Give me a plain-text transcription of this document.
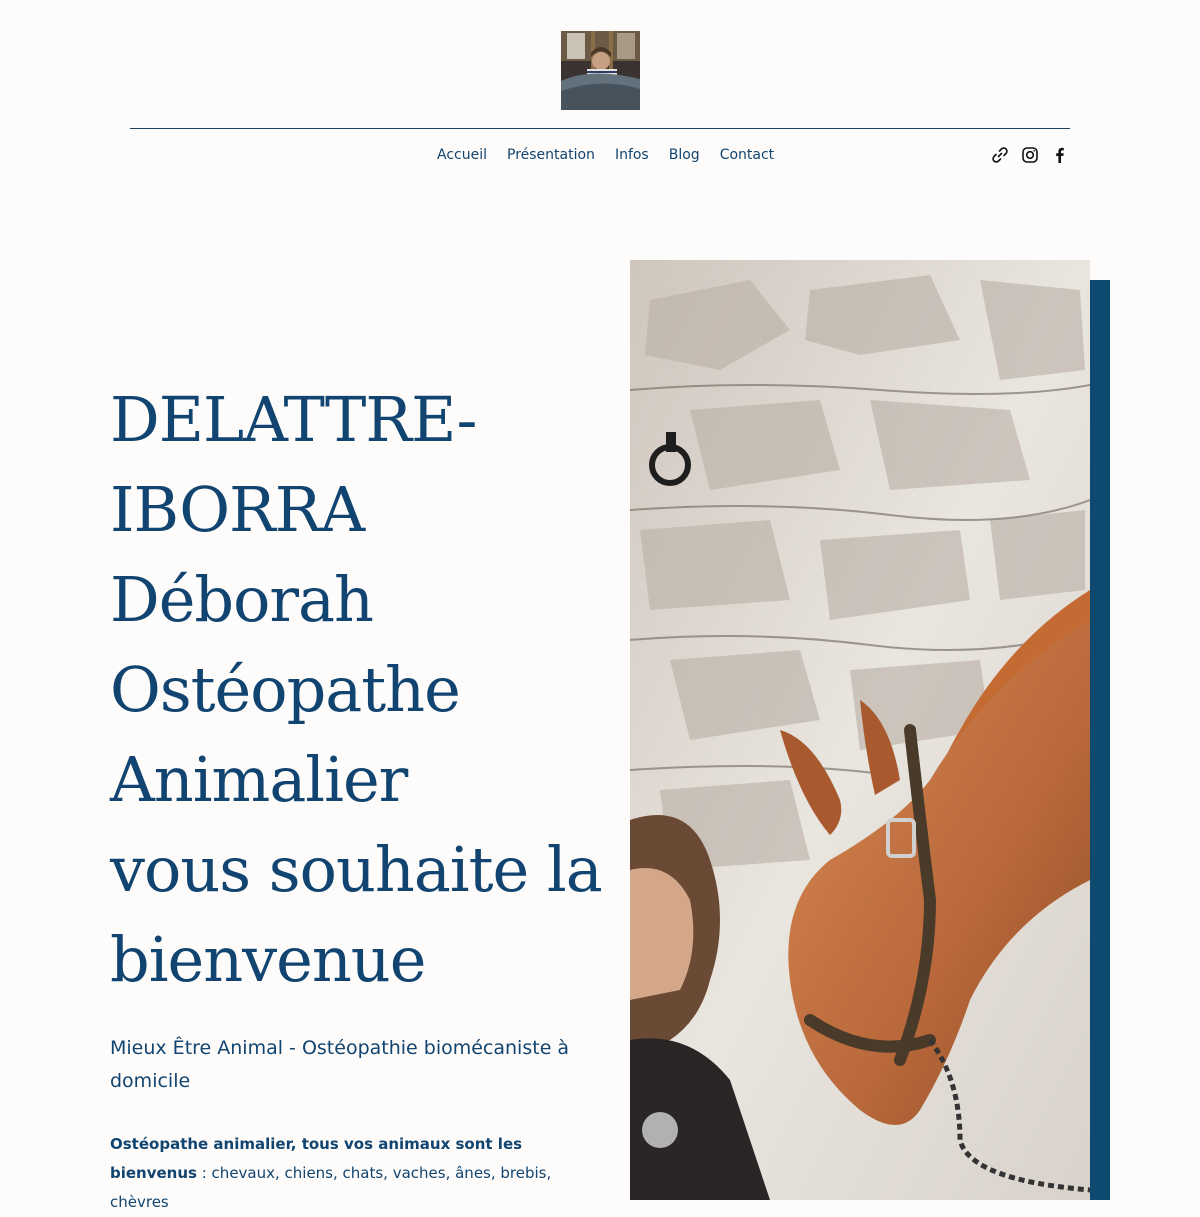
Accueil	Présentation	Infos	Blog	Contact
DELATTRE-
IBORRA
Déborah
Ostéopathe
Animalier
vous souhaite la
bienvenue

Mieux Être Animal - Ostéopathie biomécaniste à domicile

Ostéopathe animalier, tous vos animaux sont les bienvenus : chevaux, chiens, chats, vaches, ânes, brebis, chèvres
